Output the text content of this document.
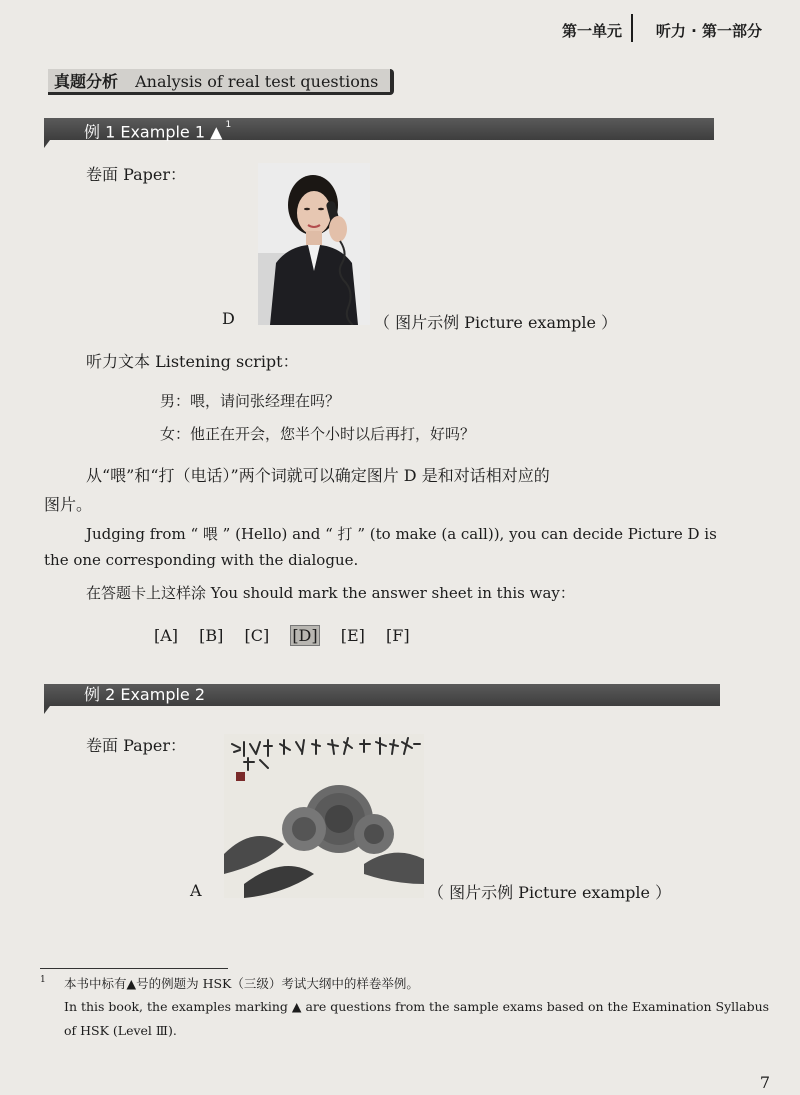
第一单元 听力 · 第一部分
真题分析 Analysis of real test questions
例 1 Example 1 ▲ $^1$
卷面 Paper：
D	（ 图片示例 Picture example ）
听力文本 Listening script：
男：喂，请问张经理在吗？
女：他正在开会，您半个小时以后再打，好吗？
从“喂”和“打（电话）”两个词就可以确定图片 D 是和对话相对应的
图片。
Judging from “ 喂 ” (Hello) and “ 打 ” (to make (a call)), you can decide Picture D is
the one corresponding with the dialogue.
在答题卡上这样涂 You should mark the answer sheet in this way：
[A] [B] [C] [D] [E] [F]
例 2 Example 2
卷面 Paper：
A	（ 图片示例 Picture example ）
1 本书中标有▲号的例题为 HSK（三级）考试大纲中的样卷举例。
In this book, the examples marking ▲ are questions from the sample exams based on the Examination Syllabus
of HSK (Level Ⅲ).
7
